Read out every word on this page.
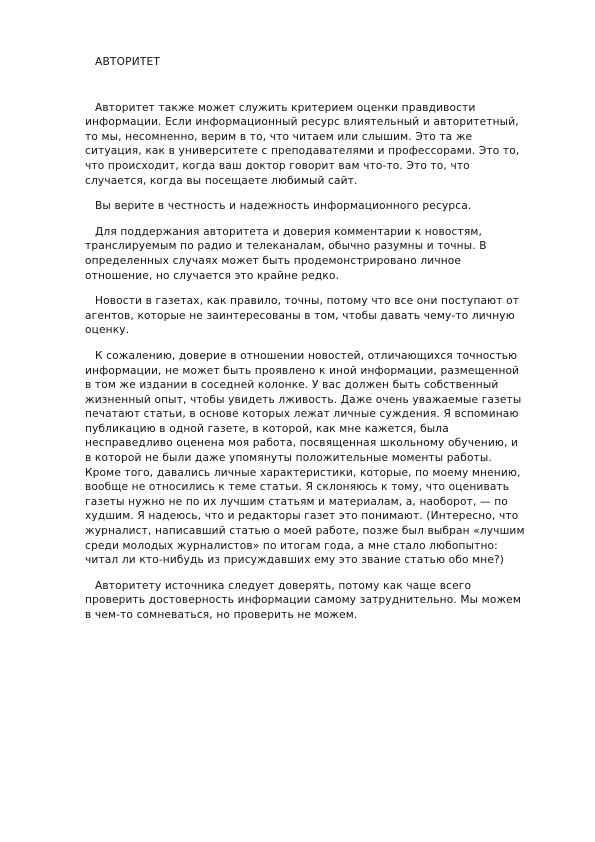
АВТОРИТЕТ

Авторитет также может служить критерием оценки правдивости информации. Если информационный ресурс влиятельный и авторитетный, то мы, несомненно, верим в то, что читаем или слышим. Это та же ситуация, как в университете с преподавателями и профессорами. Это то, что происходит, когда ваш доктор говорит вам что-то. Это то, что случается, когда вы посещаете любимый сайт.

Вы верите в честность и надежность информационного ресурса.

Для поддержания авторитета и доверия комментарии к новостям, транслируемым по радио и телеканалам, обычно разумны и точны. В определенных случаях может быть продемонстрировано личное отношение, но случается это крайне редко.

Новости в газетах, как правило, точны, потому что все они поступают от агентов, которые не заинтересованы в том, чтобы давать чему-то личную оценку.

К сожалению, доверие в отношении новостей, отличающихся точностью информации, не может быть проявлено к иной информации, размещенной в том же издании в соседней колонке. У вас должен быть собственный жизненный опыт, чтобы увидеть лживость. Даже очень уважаемые газеты печатают статьи, в основе которых лежат личные суждения. Я вспоминаю публикацию в одной газете, в которой, как мне кажется, была несправедливо оценена моя работа, посвященная школьному обучению, и в которой не были даже упомянуты положительные моменты работы. Кроме того, давались личные характеристики, которые, по моему мнению, вообще не относились к теме статьи. Я склоняюсь к тому, что оценивать газеты нужно не по их лучшим статьям и материалам, а, наоборот, — по худшим. Я надеюсь, что и редакторы газет это понимают. (Интересно, что журналист, написавший статью о моей работе, позже был выбран «лучшим среди молодых журналистов» по итогам года, а мне стало любопытно: читал ли кто-нибудь из присуждавших ему это звание статью обо мне?)

Авторитету источника следует доверять, потому как чаще всего проверить достоверность информации самому затруднительно. Мы можем в чем-то сомневаться, но проверить не можем.
